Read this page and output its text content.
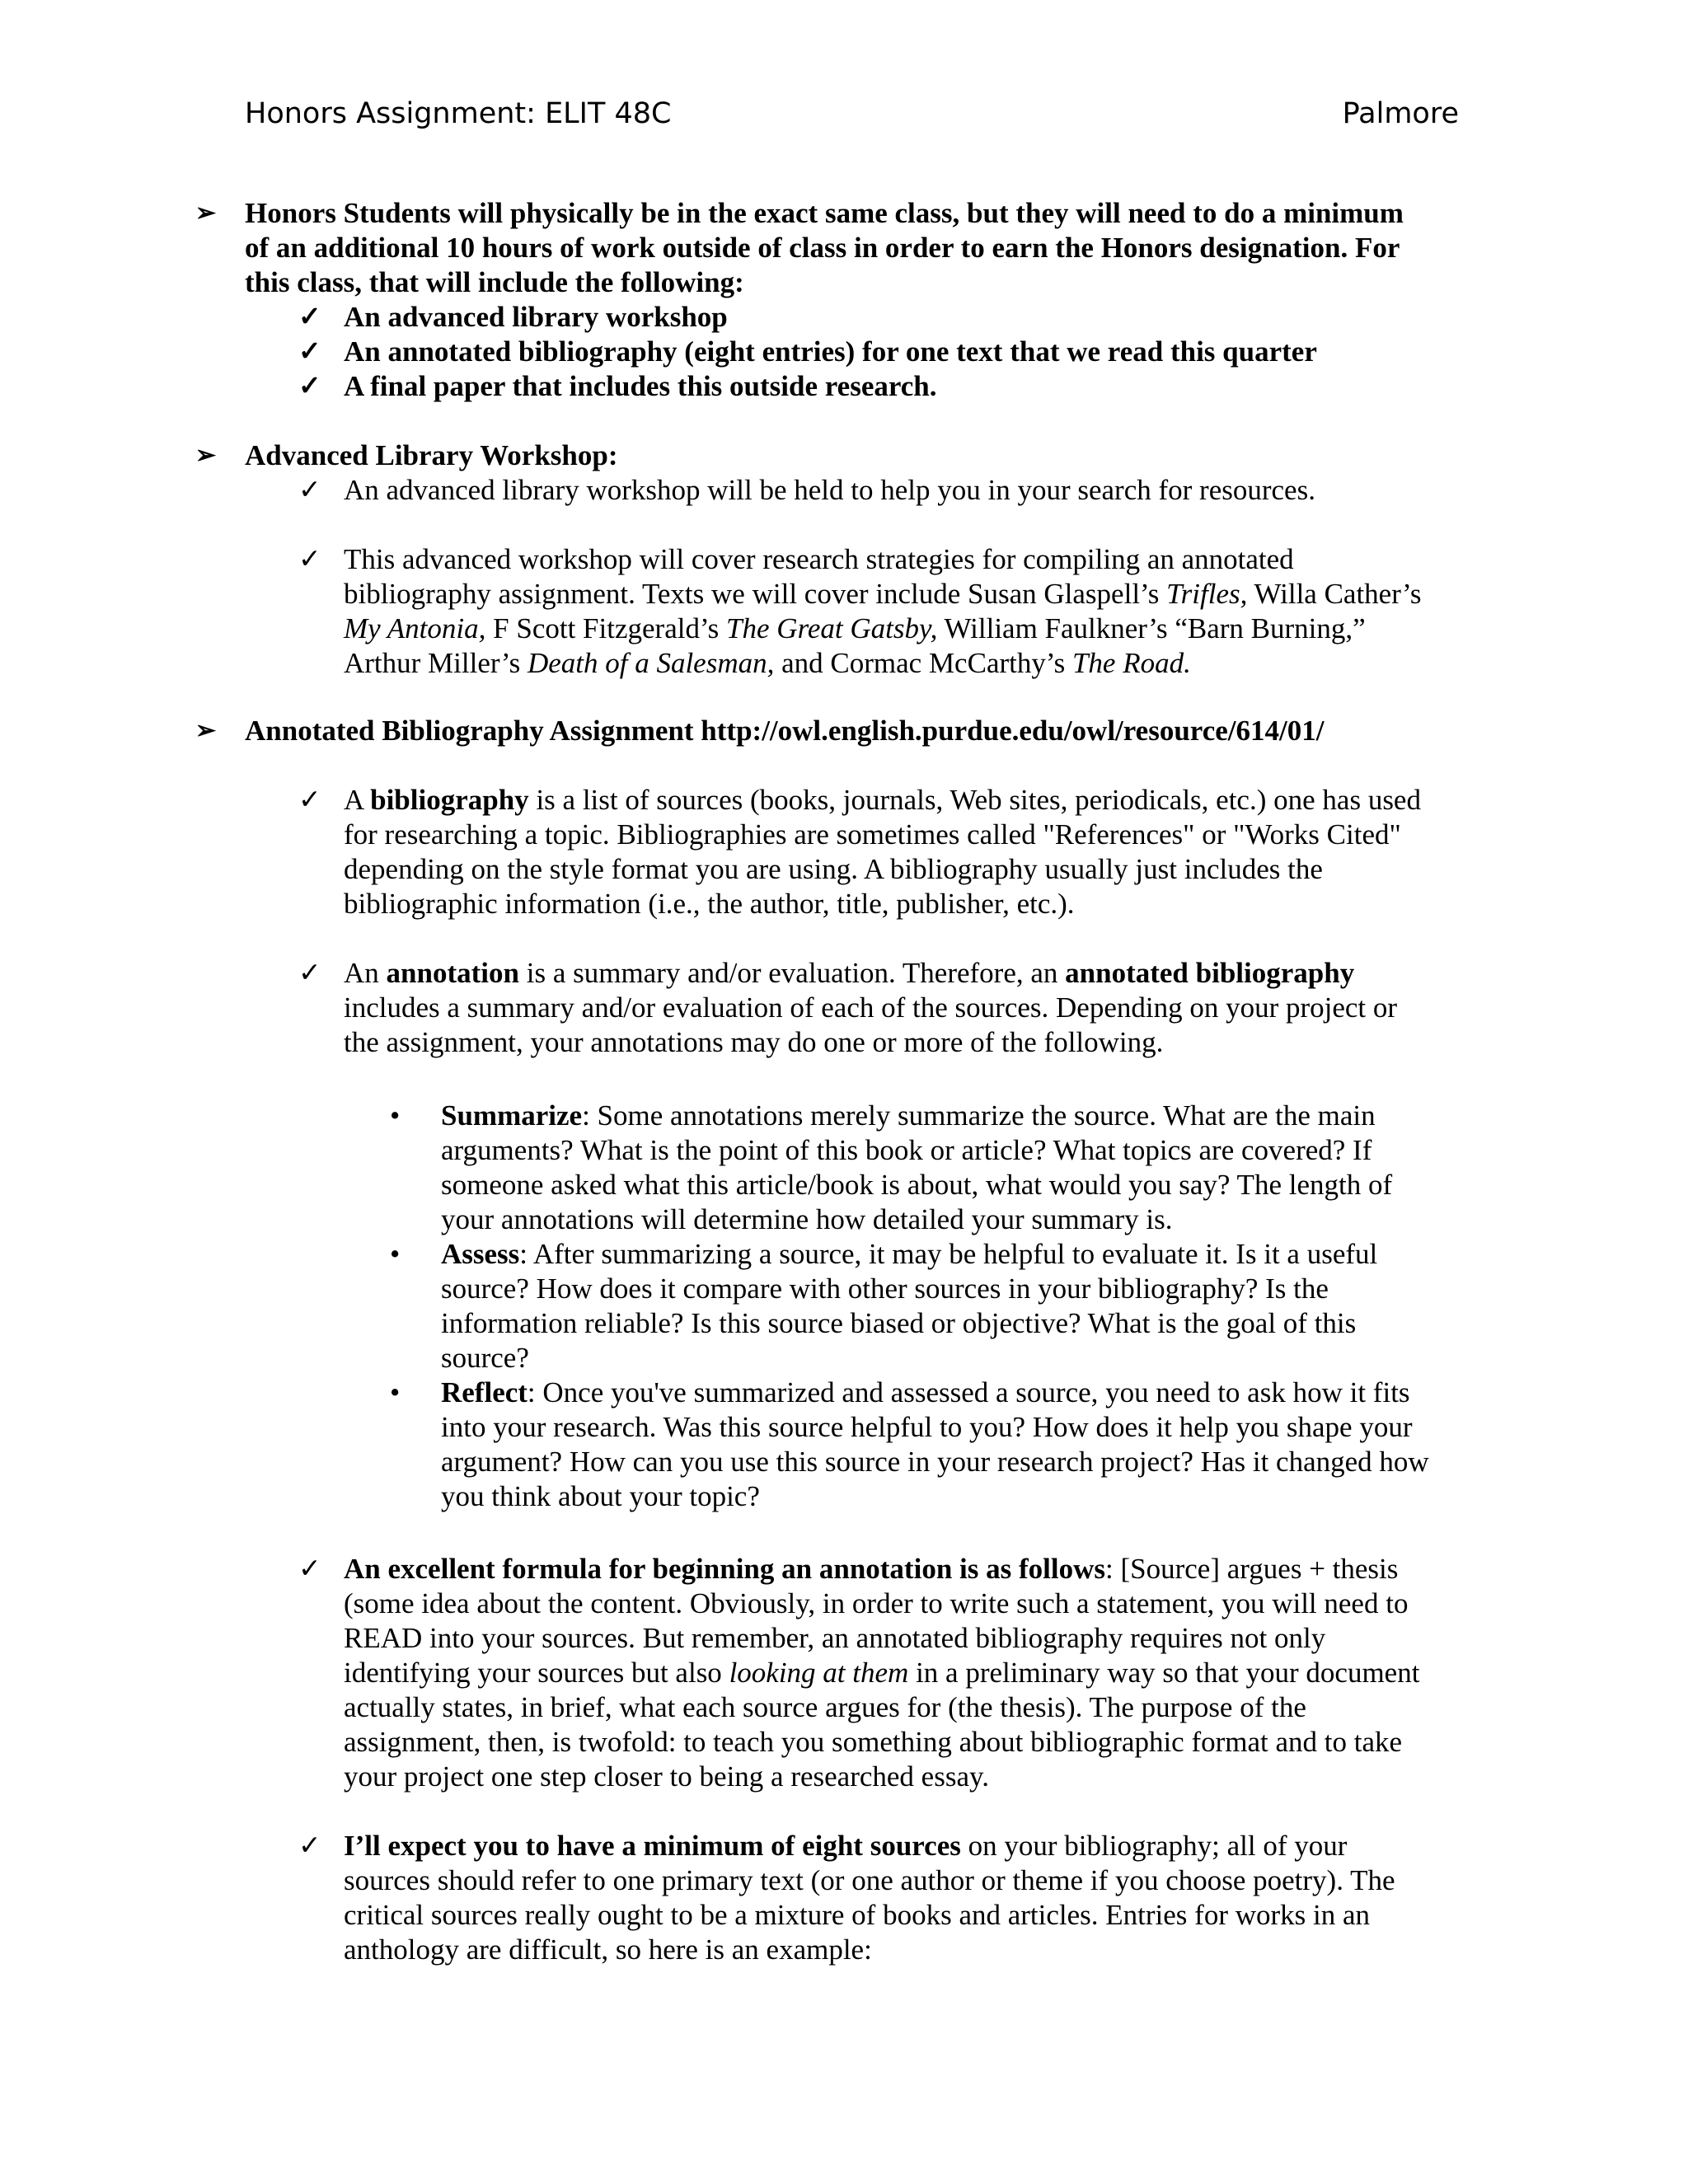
Honors Assignment: ELIT 48C	Palmore
➢ Honors Students will physically be in the exact same class, but they will need to do a minimum
of an additional 10 hours of work outside of class in order to earn the Honors designation. For
this class, that will include the following:
✓ An advanced library workshop
✓ An annotated bibliography (eight entries) for one text that we read this quarter
✓ A final paper that includes this outside research.
➢ Advanced Library Workshop:
✓ An advanced library workshop will be held to help you in your search for resources.
✓ This advanced workshop will cover research strategies for compiling an annotated
bibliography assignment. Texts we will cover include Susan Glaspell’s Trifles, Willa Cather’s
My Antonia, F Scott Fitzgerald’s The Great Gatsby, William Faulkner’s “Barn Burning,”
Arthur Miller’s Death of a Salesman, and Cormac McCarthy’s The Road.
➢ Annotated Bibliography Assignment http://owl.english.purdue.edu/owl/resource/614/01/
✓ A bibliography is a list of sources (books, journals, Web sites, periodicals, etc.) one has used
for researching a topic. Bibliographies are sometimes called "References" or "Works Cited"
depending on the style format you are using. A bibliography usually just includes the
bibliographic information (i.e., the author, title, publisher, etc.).
✓ An annotation is a summary and/or evaluation. Therefore, an annotated bibliography
includes a summary and/or evaluation of each of the sources. Depending on your project or
the assignment, your annotations may do one or more of the following.
• Summarize: Some annotations merely summarize the source. What are the main
arguments? What is the point of this book or article? What topics are covered? If
someone asked what this article/book is about, what would you say? The length of
your annotations will determine how detailed your summary is.
• Assess: After summarizing a source, it may be helpful to evaluate it. Is it a useful
source? How does it compare with other sources in your bibliography? Is the
information reliable? Is this source biased or objective? What is the goal of this
source?
• Reflect: Once you've summarized and assessed a source, you need to ask how it fits
into your research. Was this source helpful to you? How does it help you shape your
argument? How can you use this source in your research project? Has it changed how
you think about your topic?
✓ An excellent formula for beginning an annotation is as follows: [Source] argues + thesis
(some idea about the content. Obviously, in order to write such a statement, you will need to
READ into your sources. But remember, an annotated bibliography requires not only
identifying your sources but also looking at them in a preliminary way so that your document
actually states, in brief, what each source argues for (the thesis). The purpose of the
assignment, then, is twofold: to teach you something about bibliographic format and to take
your project one step closer to being a researched essay.
✓ I’ll expect you to have a minimum of eight sources on your bibliography; all of your
sources should refer to one primary text (or one author or theme if you choose poetry). The
critical sources really ought to be a mixture of books and articles. Entries for works in an
anthology are difficult, so here is an example:
